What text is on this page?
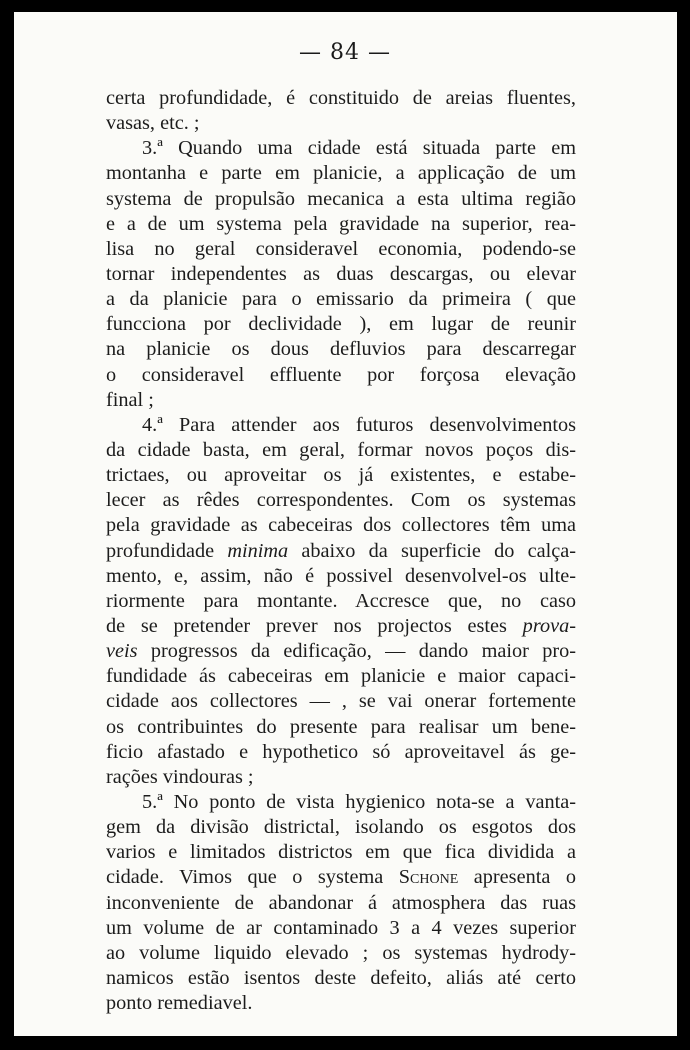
— 84 —
certa profundidade, é constituido de areias fluentes,
vasas, etc. ;
3.ª Quando uma cidade está situada parte em
montanha e parte em planicie, a applicação de um
systema de propulsão mecanica a esta ultima região
e a de um systema pela gravidade na superior, rea-
lisa no geral consideravel economia, podendo-se
tornar independentes as duas descargas, ou elevar
a da planicie para o emissario da primeira ( que
funcciona por declividade ), em lugar de reunir
na planicie os dous defluvios para descarregar
o consideravel effluente por forçosa elevação
final ;
4.ª Para attender aos futuros desenvolvimentos
da cidade basta, em geral, formar novos poços dis-
trictaes, ou aproveitar os já existentes, e estabe-
lecer as rêdes correspondentes. Com os systemas
pela gravidade as cabeceiras dos collectores têm uma
profundidade minima abaixo da superficie do calça-
mento, e, assim, não é possivel desenvolvel-os ulte-
riormente para montante. Accresce que, no caso
de se pretender prever nos projectos estes prova-
veis progressos da edificação, — dando maior pro-
fundidade ás cabeceiras em planicie e maior capaci-
cidade aos collectores — , se vai onerar fortemente
os contribuintes do presente para realisar um bene-
ficio afastado e hypothetico só aproveitavel ás ge-
rações vindouras ;
5.ª No ponto de vista hygienico nota-se a vanta-
gem da divisão districtal, isolando os esgotos dos
varios e limitados districtos em que fica dividida a
cidade. Vimos que o systema Schone apresenta o
inconveniente de abandonar á atmosphera das ruas
um volume de ar contaminado 3 a 4 vezes superior
ao volume liquido elevado ; os systemas hydrody-
namicos estão isentos deste defeito, aliás até certo
ponto remediavel.
